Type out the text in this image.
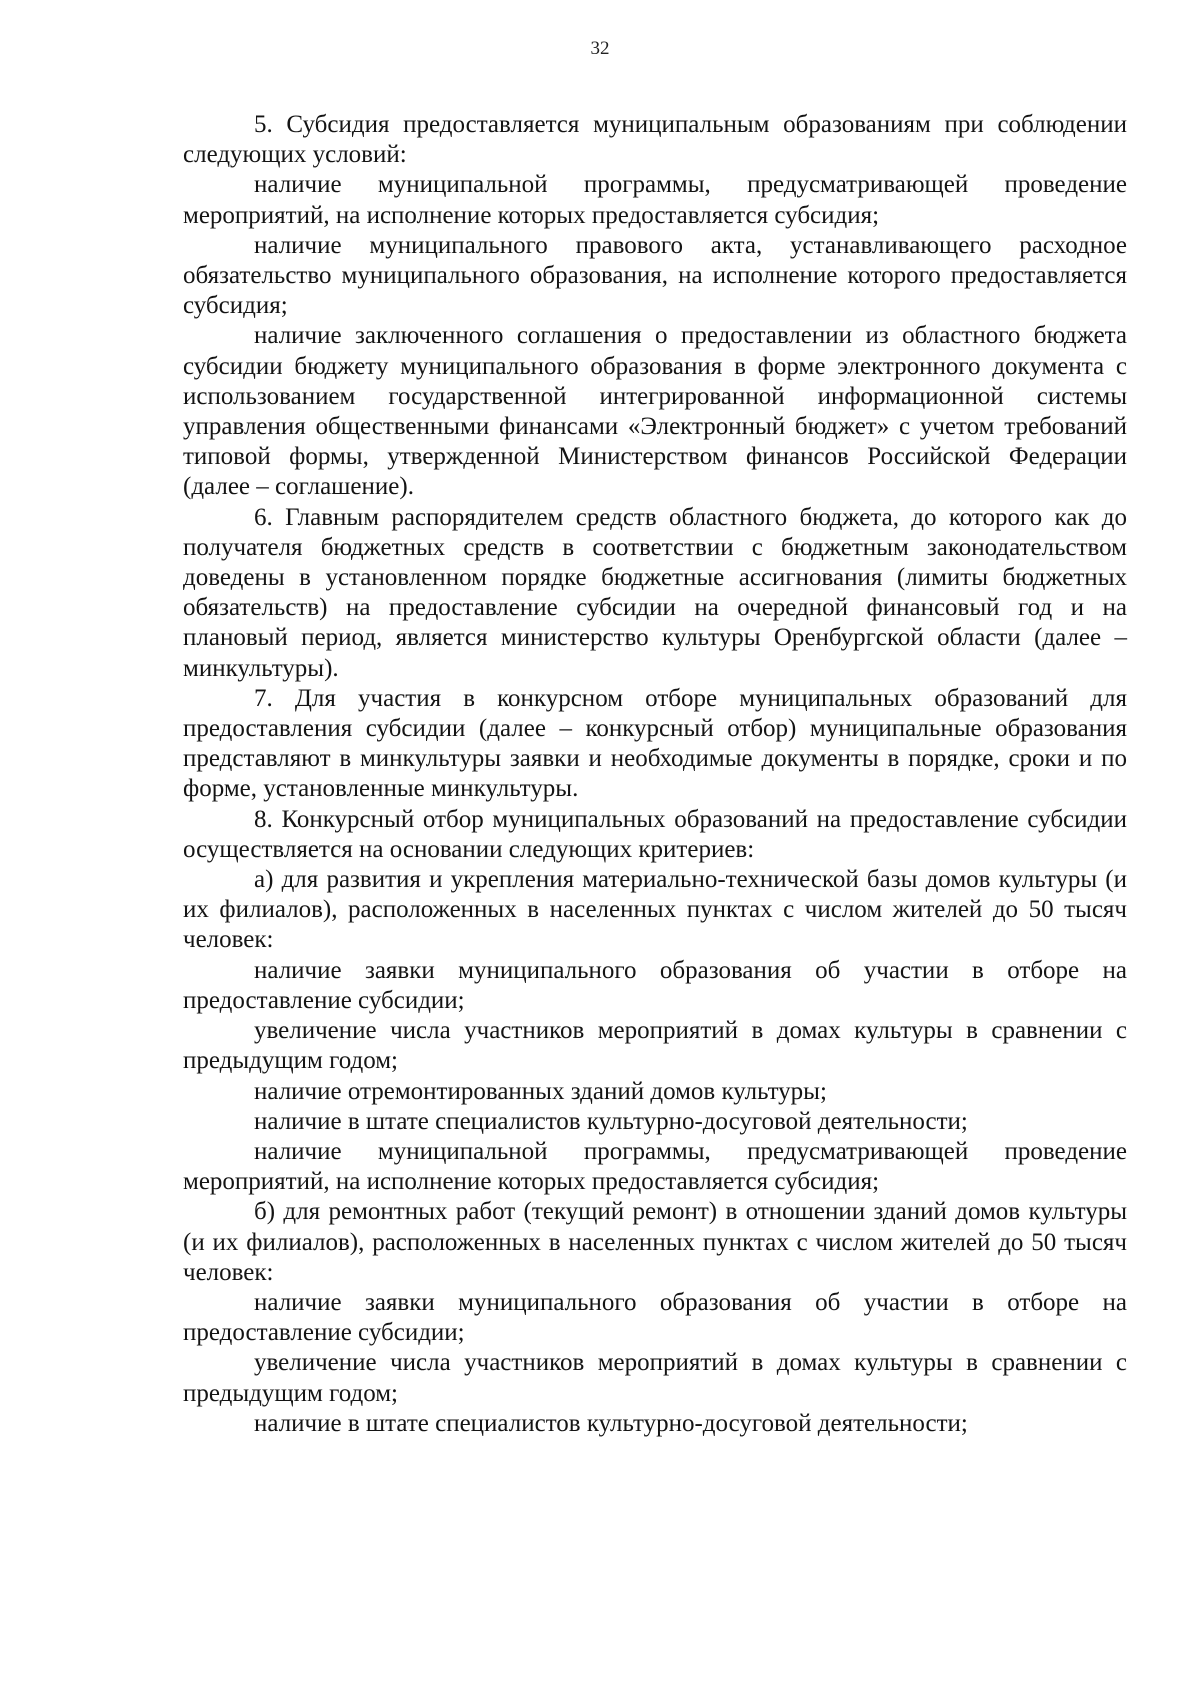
32

5. Субсидия предоставляется муниципальным образованиям при соблюдении следующих условий:

наличие муниципальной программы, предусматривающей проведение мероприятий, на исполнение которых предоставляется субсидия;

наличие муниципального правового акта, устанавливающего расходное обязательство муниципального образования, на исполнение которого предоставляется субсидия;

наличие заключенного соглашения о предоставлении из областного бюджета субсидии бюджету муниципального образования в форме электронного документа с использованием государственной интегрированной информационной системы управления общественными финансами «Электронный бюджет» с учетом требований типовой формы, утвержденной Министерством финансов Российской Федерации (далее – соглашение).

6. Главным распорядителем средств областного бюджета, до которого как до получателя бюджетных средств в соответствии с бюджетным законодательством доведены в установленном порядке бюджетные ассигнования (лимиты бюджетных обязательств) на предоставление субсидии на очередной финансовый год и на плановый период, является министерство культуры Оренбургской области (далее – минкультуры).

7. Для участия в конкурсном отборе муниципальных образований для предоставления субсидии (далее – конкурсный отбор) муниципальные образования представляют в минкультуры заявки и необходимые документы в порядке, сроки и по форме, установленные минкультуры.

8. Конкурсный отбор муниципальных образований на предоставление субсидии осуществляется на основании следующих критериев:

а) для развития и укрепления материально-технической базы домов культуры (и их филиалов), расположенных в населенных пунктах с числом жителей до 50 тысяч человек:

наличие заявки муниципального образования об участии в отборе на предоставление субсидии;

увеличение числа участников мероприятий в домах культуры в сравнении с предыдущим годом;

наличие отремонтированных зданий домов культуры;

наличие в штате специалистов культурно-досуговой деятельности;

наличие муниципальной программы, предусматривающей проведение мероприятий, на исполнение которых предоставляется субсидия;

б) для ремонтных работ (текущий ремонт) в отношении зданий домов культуры (и их филиалов), расположенных в населенных пунктах с числом жителей до 50 тысяч человек:

наличие заявки муниципального образования об участии в отборе на предоставление субсидии;

увеличение числа участников мероприятий в домах культуры в сравнении с предыдущим годом;

наличие в штате специалистов культурно-досуговой деятельности;
